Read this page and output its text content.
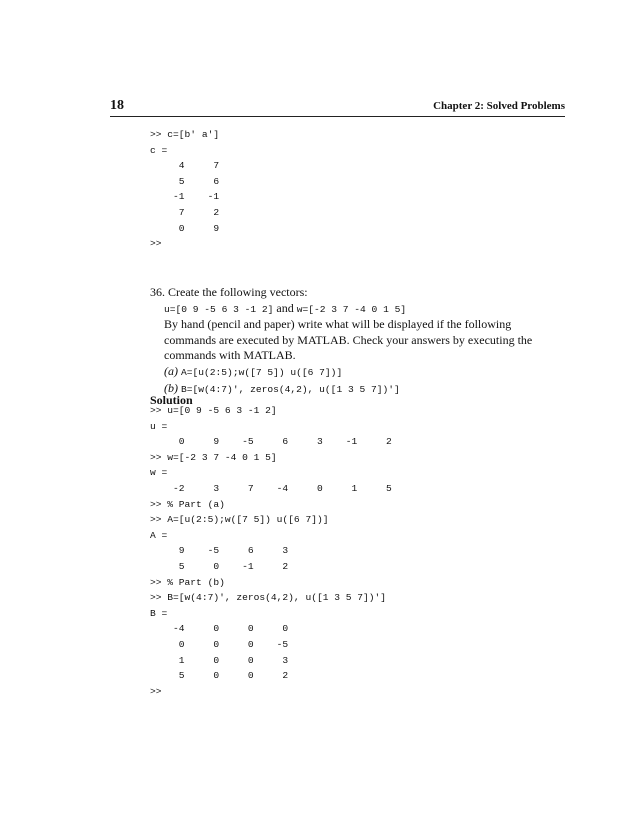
18	Chapter 2: Solved Problems
>> c=[b' a']
c =
4     7
5     6
-1    -1
7     2
0     9
>>
36. Create the following vectors:
u=[0 9 -5 6 3 -1 2] and w=[-2 3 7 -4 0 1 5]
By hand (pencil and paper) write what will be displayed if the following
commands are executed by MATLAB. Check your answers by executing the
commands with MATLAB.
(a) A=[u(2:5);w([7 5]) u([6 7])]
(b) B=[w(4:7)', zeros(4,2), u([1 3 5 7])']
Solution
>> u=[0 9 -5 6 3 -1 2]
u =
0     9    -5     6     3    -1     2
>> w=[-2 3 7 -4 0 1 5]
w =
-2     3     7    -4     0     1     5
>> % Part (a)
>> A=[u(2:5);w([7 5]) u([6 7])]
A =
9    -5     6     3
5     0    -1     2
>> % Part (b)
>> B=[w(4:7)', zeros(4,2), u([1 3 5 7])']
B =
-4     0     0     0
0     0     0    -5
1     0     0     3
5     0     0     2
>>
